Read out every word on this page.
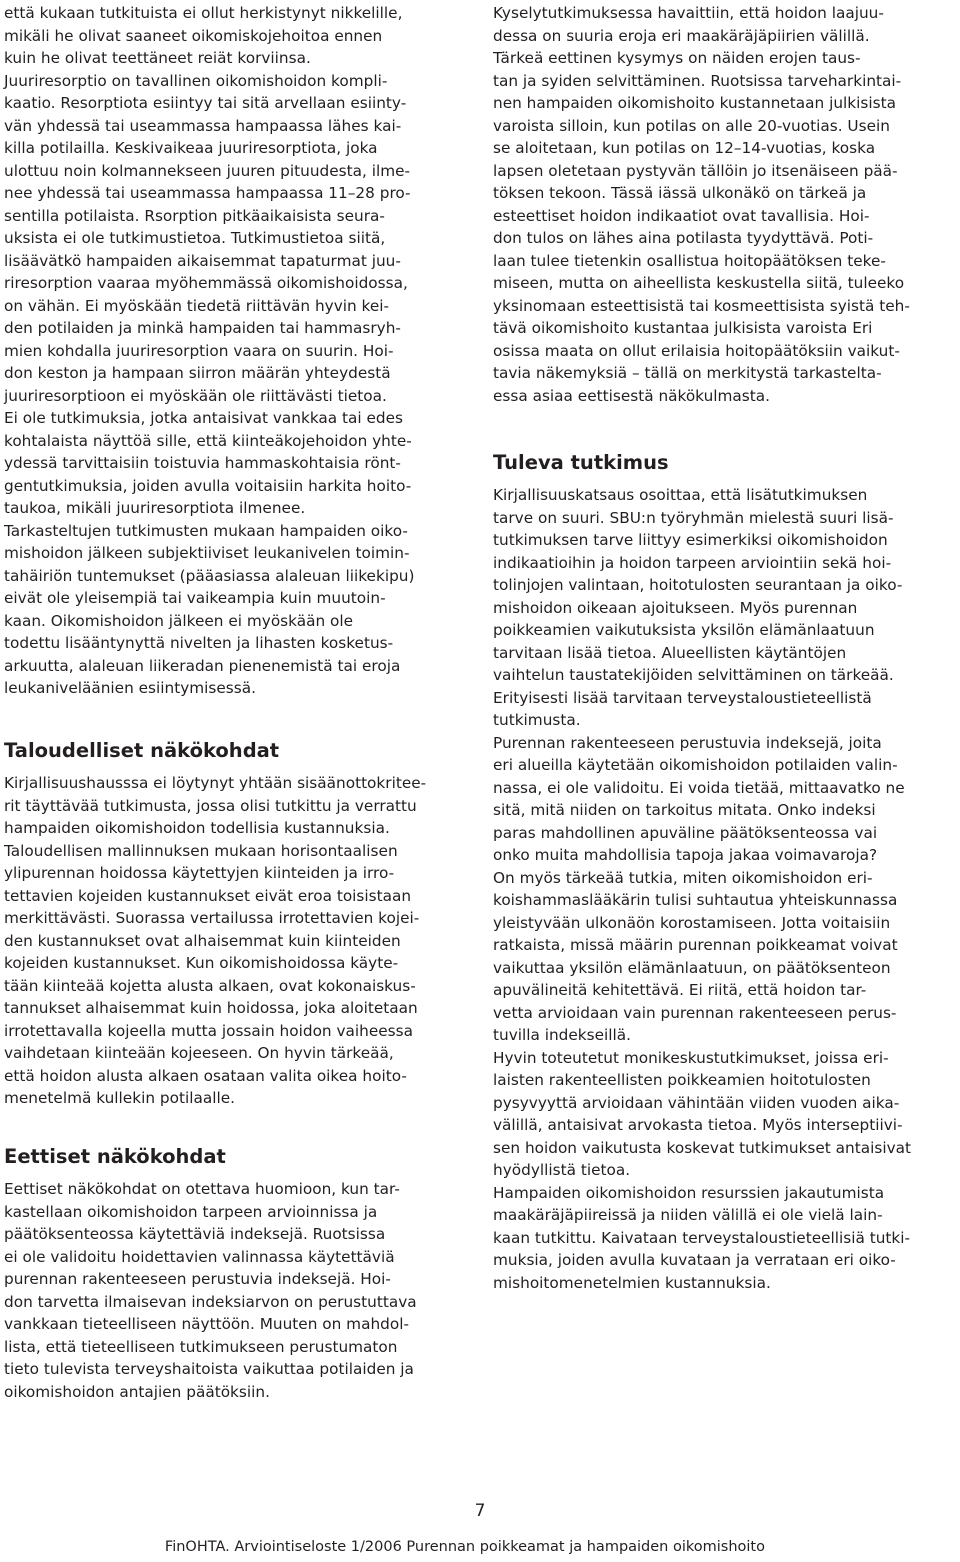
että kukaan tutkituista ei ollut herkistynyt nikkelille,
mikäli he olivat saaneet oikomiskojehoitoa ennen
kuin he olivat teettäneet reiät korviinsa.
Juuriresorptio on tavallinen oikomishoidon kompli-
kaatio. Resorptiota esiintyy tai sitä arvellaan esiinty-
vän yhdessä tai useammassa hampaassa lähes kai-
killa potilailla. Keskivaikeaa juuriresorptiota, joka
ulottuu noin kolmannekseen juuren pituudesta, ilme-
nee yhdessä tai useammassa hampaassa 11–28 pro-
sentilla potilaista. Rsorption pitkäaikaisista seura-
uksista ei ole tutkimustietoa. Tutkimustietoa siitä,
lisäävätkö hampaiden aikaisemmat tapaturmat juu-
riresorption vaaraa myöhemmässä oikomishoidossa,
on vähän. Ei myöskään tiedetä riittävän hyvin kei-
den potilaiden ja minkä hampaiden tai hammasryh-
mien kohdalla juuriresorption vaara on suurin. Hoi-
don keston ja hampaan siirron määrän yhteydestä
juuriresorptioon ei myöskään ole riittävästi tietoa.
Ei ole tutkimuksia, jotka antaisivat vankkaa tai edes
kohtalaista näyttöä sille, että kiinteäkojehoidon yhte-
ydessä tarvittaisiin toistuvia hammaskohtaisia rönt-
gentutkimuksia, joiden avulla voitaisiin harkita hoito-
taukoa, mikäli juuriresorptiota ilmenee.
Tarkasteltujen tutkimusten mukaan hampaiden oiko-
mishoidon jälkeen subjektiiviset leukanivelen toimin-
tahäiriön tuntemukset (pääasiassa alaleuan liikekipu)
eivät ole yleisempiä tai vaikeampia kuin muutoin-
kaan. Oikomishoidon jälkeen ei myöskään ole
todettu lisääntynyttä nivelten ja lihasten kosketus-
arkuutta, alaleuan liikeradan pienenemistä tai eroja
leukaniveläänien esiintymisessä.
Taloudelliset näkökohdat
Kirjallisuushausssa ei löytynyt yhtään sisäänottokritee-
rit täyttävää tutkimusta, jossa olisi tutkittu ja verrattu
hampaiden oikomishoidon todellisia kustannuksia.
Taloudellisen mallinnuksen mukaan horisontaalisen
ylipurennan hoidossa käytettyjen kiinteiden ja irro-
tettavien kojeiden kustannukset eivät eroa toisistaan
merkittävästi. Suorassa vertailussa irrotettavien kojei-
den kustannukset ovat alhaisemmat kuin kiinteiden
kojeiden kustannukset. Kun oikomishoidossa käyte-
tään kiinteää kojetta alusta alkaen, ovat kokonaiskus-
tannukset alhaisemmat kuin hoidossa, joka aloitetaan
irrotettavalla kojeella mutta jossain hoidon vaiheessa
vaihdetaan kiinteään kojeeseen. On hyvin tärkeää,
että hoidon alusta alkaen osataan valita oikea hoito-
menetelmä kullekin potilaalle.
Eettiset näkökohdat
Eettiset näkökohdat on otettava huomioon, kun tar-
kastellaan oikomishoidon tarpeen arvioinnissa ja
päätöksenteossa käytettäviä indeksejä. Ruotsissa
ei ole validoitu hoidettavien valinnassa käytettäviä
purennan rakenteeseen perustuvia indeksejä. Hoi-
don tarvetta ilmaisevan indeksiarvon on perustuttava
vankkaan tieteelliseen näyttöön. Muuten on mahdol-
lista, että tieteelliseen tutkimukseen perustumaton
tieto tulevista terveyshaitoista vaikuttaa potilaiden ja
oikomishoidon antajien päätöksiin.
Kyselytutkimuksessa havaittiin, että hoidon laajuu-
dessa on suuria eroja eri maakäräjäpiirien välillä.
Tärkeä eettinen kysymys on näiden erojen taus-
tan ja syiden selvittäminen. Ruotsissa tarveharkintai-
nen hampaiden oikomishoito kustannetaan julkisista
varoista silloin, kun potilas on alle 20-vuotias. Usein
se aloitetaan, kun potilas on 12–14-vuotias, koska
lapsen oletetaan pystyvän tällöin jo itsenäiseen pää-
töksen tekoon. Tässä iässä ulkonäkö on tärkeä ja
esteettiset hoidon indikaatiot ovat tavallisia. Hoi-
don tulos on lähes aina potilasta tyydyttävä. Poti-
laan tulee tietenkin osallistua hoitopäätöksen teke-
miseen, mutta on aiheellista keskustella siitä, tuleeko
yksinomaan esteettisistä tai kosmeettisista syistä teh-
tävä oikomishoito kustantaa julkisista varoista Eri
osissa maata on ollut erilaisia hoitopäätöksiin vaikut-
tavia näkemyksiä – tällä on merkitystä tarkastelta-
essa asiaa eettisestä näkökulmasta.
Tuleva tutkimus
Kirjallisuuskatsaus osoittaa, että lisätutkimuksen
tarve on suuri. SBU:n työryhmän mielestä suuri lisä-
tutkimuksen tarve liittyy esimerkiksi oikomishoidon
indikaatioihin ja hoidon tarpeen arviointiin sekä hoi-
tolinjojen valintaan, hoitotulosten seurantaan ja oiko-
mishoidon oikeaan ajoitukseen. Myös purennan
poikkeamien vaikutuksista yksilön elämänlaatuun
tarvitaan lisää tietoa. Alueellisten käytäntöjen
vaihtelun taustatekijöiden selvittäminen on tärkeää.
Erityisesti lisää tarvitaan terveystaloustieteellistä
tutkimusta.
Purennan rakenteeseen perustuvia indeksejä, joita
eri alueilla käytetään oikomishoidon potilaiden valin-
nassa, ei ole validoitu. Ei voida tietää, mittaavatko ne
sitä, mitä niiden on tarkoitus mitata. Onko indeksi
paras mahdollinen apuväline päätöksenteossa vai
onko muita mahdollisia tapoja jakaa voimavaroja?
On myös tärkeää tutkia, miten oikomishoidon eri-
koishammaslääkärin tulisi suhtautua yhteiskunnassa
yleistyvään ulkonäön korostamiseen. Jotta voitaisiin
ratkaista, missä määrin purennan poikkeamat voivat
vaikuttaa yksilön elämänlaatuun, on päätöksenteon
apuvälineitä kehitettävä. Ei riitä, että hoidon tar-
vetta arvioidaan vain purennan rakenteeseen perus-
tuvilla indekseillä.
Hyvin toteutetut monikeskustutkimukset, joissa eri-
laisten rakenteellisten poikkeamien hoitotulosten
pysyvyyttä arvioidaan vähintään viiden vuoden aika-
välillä, antaisivat arvokasta tietoa. Myös interseptiivi-
sen hoidon vaikutusta koskevat tutkimukset antaisivat
hyödyllistä tietoa.
Hampaiden oikomishoidon resurssien jakautumista
maakäräjäpiireissä ja niiden välillä ei ole vielä lain-
kaan tutkittu. Kaivataan terveystaloustieteellisiä tutki-
muksia, joiden avulla kuvataan ja verrataan eri oiko-
mishoitomenetelmien kustannuksia.
7
FinOHTA. Arviointiseloste 1/2006 Purennan poikkeamat ja hampaiden oikomishoito
